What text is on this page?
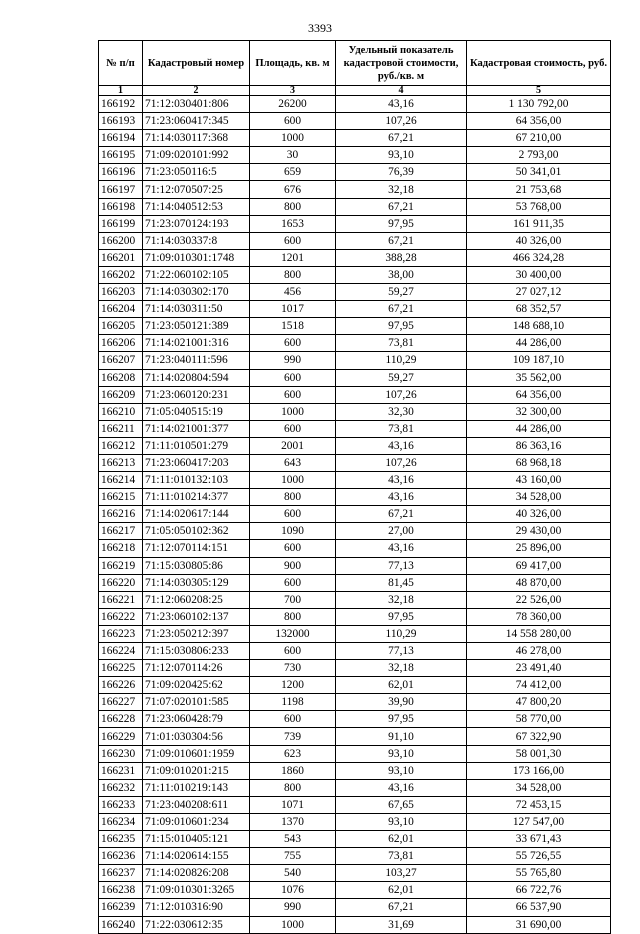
3393
№ п/п	Кадастровый номер	Площадь, кв. м	Удельный показатель кадастровой стоимости, руб./кв. м	Кадастровая стоимость, руб.
1	2	3	4	5
166192	71:12:030401:806	26200	43,16	1 130 792,00
166193	71:23:060417:345	600	107,26	64 356,00
166194	71:14:030117:368	1000	67,21	67 210,00
166195	71:09:020101:992	30	93,10	2 793,00
166196	71:23:050116:5	659	76,39	50 341,01
166197	71:12:070507:25	676	32,18	21 753,68
166198	71:14:040512:53	800	67,21	53 768,00
166199	71:23:070124:193	1653	97,95	161 911,35
166200	71:14:030337:8	600	67,21	40 326,00
166201	71:09:010301:1748	1201	388,28	466 324,28
166202	71:22:060102:105	800	38,00	30 400,00
166203	71:14:030302:170	456	59,27	27 027,12
166204	71:14:030311:50	1017	67,21	68 352,57
166205	71:23:050121:389	1518	97,95	148 688,10
166206	71:14:021001:316	600	73,81	44 286,00
166207	71:23:040111:596	990	110,29	109 187,10
166208	71:14:020804:594	600	59,27	35 562,00
166209	71:23:060120:231	600	107,26	64 356,00
166210	71:05:040515:19	1000	32,30	32 300,00
166211	71:14:021001:377	600	73,81	44 286,00
166212	71:11:010501:279	2001	43,16	86 363,16
166213	71:23:060417:203	643	107,26	68 968,18
166214	71:11:010132:103	1000	43,16	43 160,00
166215	71:11:010214:377	800	43,16	34 528,00
166216	71:14:020617:144	600	67,21	40 326,00
166217	71:05:050102:362	1090	27,00	29 430,00
166218	71:12:070114:151	600	43,16	25 896,00
166219	71:15:030805:86	900	77,13	69 417,00
166220	71:14:030305:129	600	81,45	48 870,00
166221	71:12:060208:25	700	32,18	22 526,00
166222	71:23:060102:137	800	97,95	78 360,00
166223	71:23:050212:397	132000	110,29	14 558 280,00
166224	71:15:030806:233	600	77,13	46 278,00
166225	71:12:070114:26	730	32,18	23 491,40
166226	71:09:020425:62	1200	62,01	74 412,00
166227	71:07:020101:585	1198	39,90	47 800,20
166228	71:23:060428:79	600	97,95	58 770,00
166229	71:01:030304:56	739	91,10	67 322,90
166230	71:09:010601:1959	623	93,10	58 001,30
166231	71:09:010201:215	1860	93,10	173 166,00
166232	71:11:010219:143	800	43,16	34 528,00
166233	71:23:040208:611	1071	67,65	72 453,15
166234	71:09:010601:234	1370	93,10	127 547,00
166235	71:15:010405:121	543	62,01	33 671,43
166236	71:14:020614:155	755	73,81	55 726,55
166237	71:14:020826:208	540	103,27	55 765,80
166238	71:09:010301:3265	1076	62,01	66 722,76
166239	71:12:010316:90	990	67,21	66 537,90
166240	71:22:030612:35	1000	31,69	31 690,00
